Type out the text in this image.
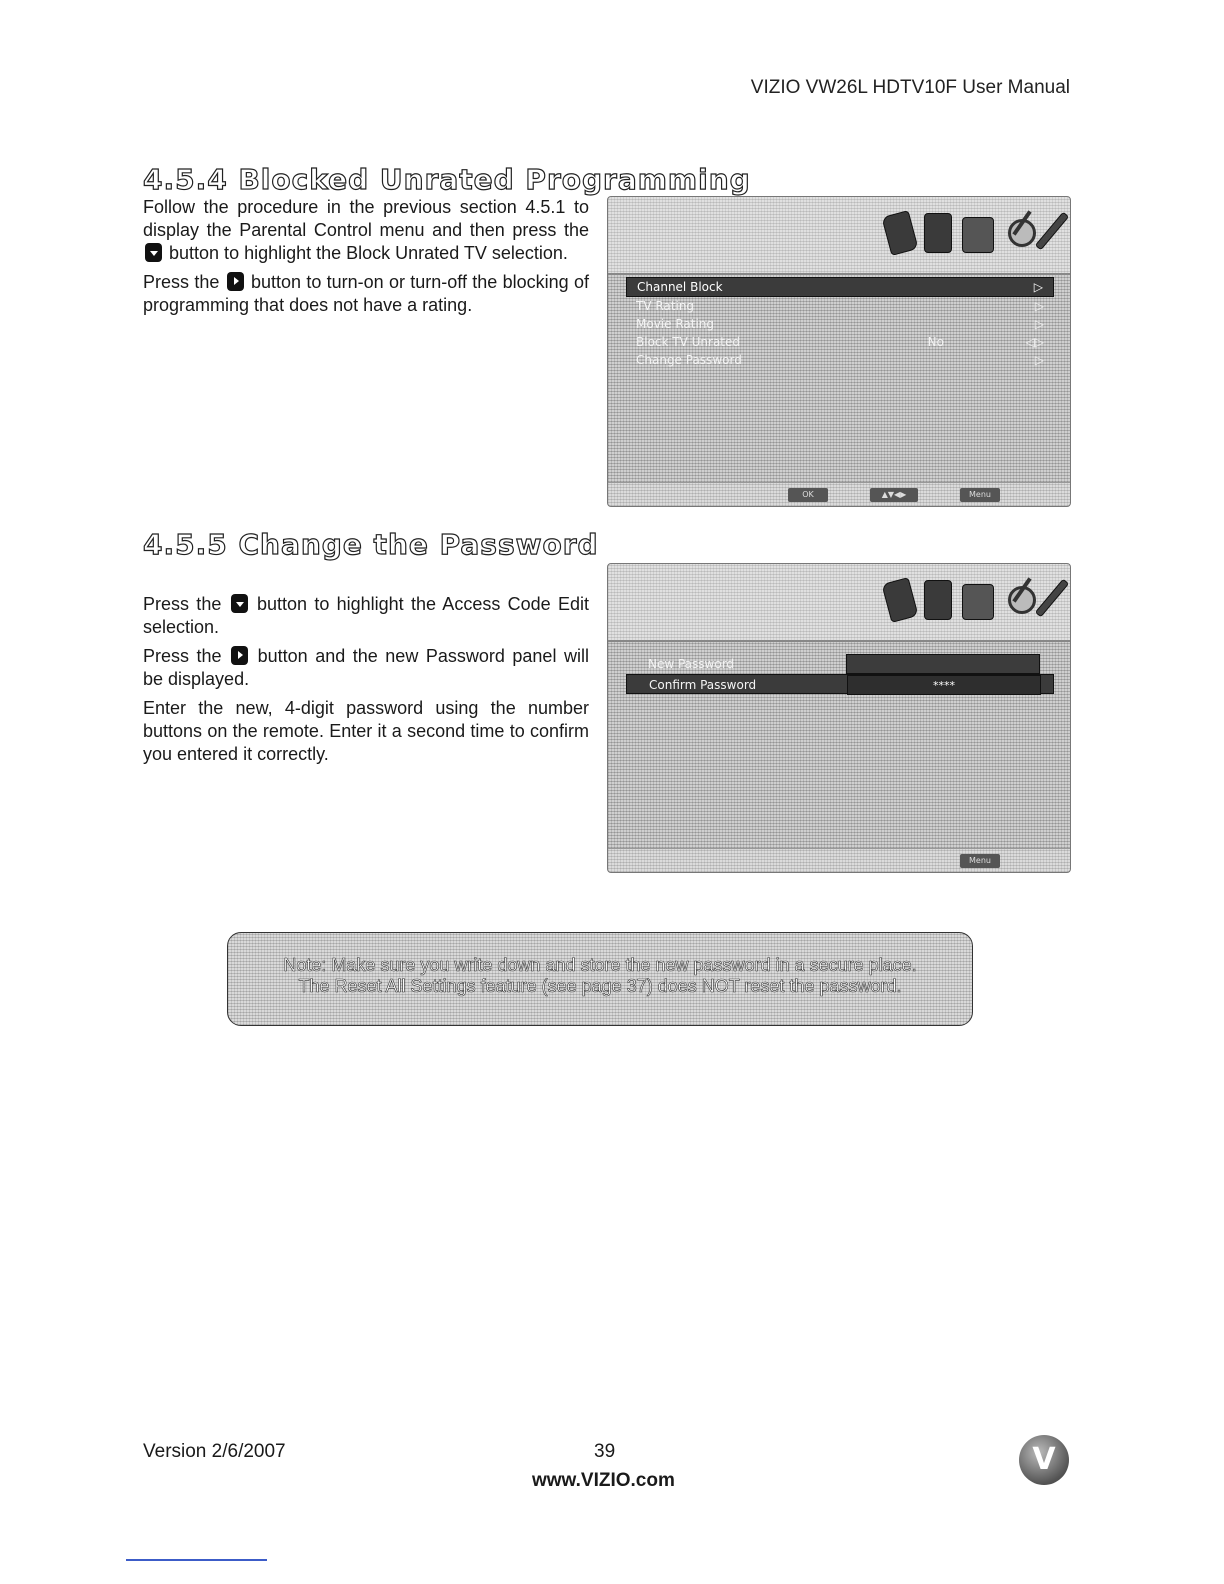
VIZIO VW26L HDTV10F User Manual
4.5.4 Blocked Unrated Programming

Follow the procedure in the previous section 4.5.1 to display the Parental Control menu and then press the  button to highlight the Block Unrated TV selection.

Press the button to turn-on or turn-off the blocking of programming that does not have a rating.

Channel Block	▷
TV Rating	▷
Movie Rating	▷
Block TV Unrated	No	◁▷
Change Password	▷
OK	▲▼◀▶	Menu
4.5.5 Change the Password

Press the button to highlight the Access Code Edit selection.

Press the button and the new Password panel will be displayed.

Enter the new, 4-digit password using the number buttons on the remote. Enter it a second time to confirm you entered it correctly.

New Password
Confirm Password	****
Menu

Note: Make sure you write down and store the new password in a secure place.

The Reset All Settings feature (see page 37) does NOT reset the password.

Version 2/6/2007	39
www.VIZIO.com
V
